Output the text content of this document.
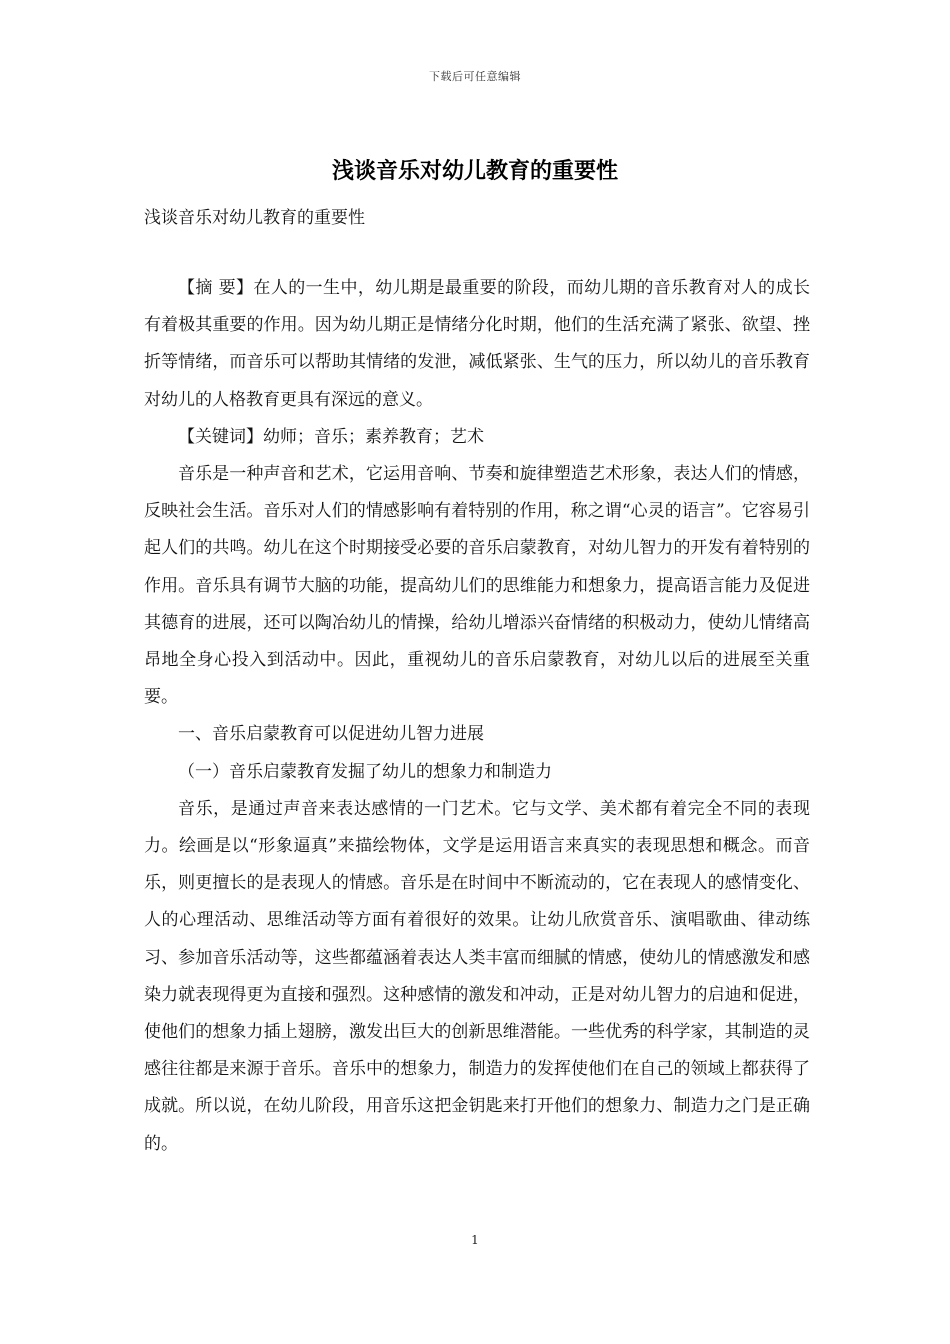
下载后可任意编辑
浅谈音乐对幼儿教育的重要性
浅谈音乐对幼儿教育的重要性

【摘 要】在人的一生中，幼儿期是最重要的阶段，而幼儿期的音乐教育对人的成长有着极其重要的作用。因为幼儿期正是情绪分化时期，他们的生活充满了紧张、欲望、挫折等情绪，而音乐可以帮助其情绪的发泄，减低紧张、生气的压力，所以幼儿的音乐教育对幼儿的人格教育更具有深远的意义。

【关键词】幼师；音乐；素养教育；艺术

音乐是一种声音和艺术，它运用音响、节奏和旋律塑造艺术形象，表达人们的情感，反映社会生活。音乐对人们的情感影响有着特别的作用，称之谓“心灵的语言”。它容易引起人们的共鸣。幼儿在这个时期接受必要的音乐启蒙教育，对幼儿智力的开发有着特别的作用。音乐具有调节大脑的功能，提高幼儿们的思维能力和想象力，提高语言能力及促进其德育的进展，还可以陶冶幼儿的情操，给幼儿增添兴奋情绪的积极动力，使幼儿情绪高昂地全身心投入到活动中。因此，重视幼儿的音乐启蒙教育，对幼儿以后的进展至关重要。

一、音乐启蒙教育可以促进幼儿智力进展

（一）音乐启蒙教育发掘了幼儿的想象力和制造力

音乐，是通过声音来表达感情的一门艺术。它与文学、美术都有着完全不同的表现力。绘画是以“形象逼真”来描绘物体，文学是运用语言来真实的表现思想和概念。而音乐，则更擅长的是表现人的情感。音乐是在时间中不断流动的，它在表现人的感情变化、人的心理活动、思维活动等方面有着很好的效果。让幼儿欣赏音乐、演唱歌曲、律动练习、参加音乐活动等，这些都蕴涵着表达人类丰富而细腻的情感，使幼儿的情感激发和感染力就表现得更为直接和强烈。这种感情的激发和冲动，正是对幼儿智力的启迪和促进，使他们的想象力插上翅膀，激发出巨大的创新思维潜能。一些优秀的科学家，其制造的灵感往往都是来源于音乐。音乐中的想象力，制造力的发挥使他们在自己的领域上都获得了成就。所以说，在幼儿阶段，用音乐这把金钥匙来打开他们的想象力、制造力之门是正确的。

1
